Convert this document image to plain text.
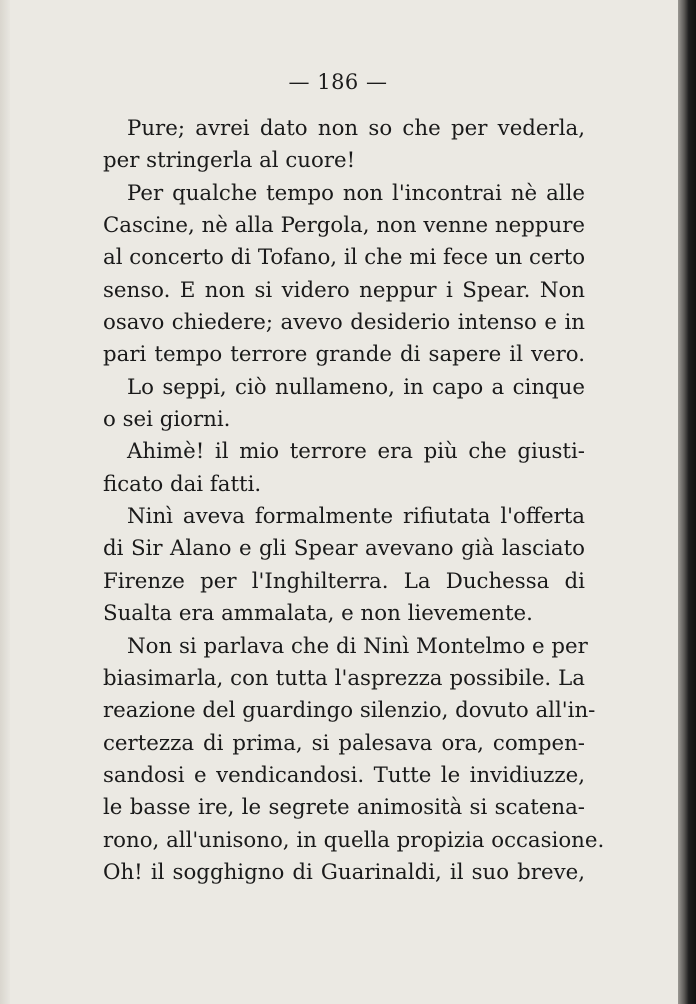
— 186 —
Pure; avrei dato non so che per vederla,
per stringerla al cuore!
Per qualche tempo non l'incontrai nè alle
Cascine, nè alla Pergola, non venne neppure
al concerto di Tofano, il che mi fece un certo
senso. E non si videro neppur i Spear. Non
osavo chiedere; avevo desiderio intenso e in
pari tempo terrore grande di sapere il vero.
Lo seppi, ciò nullameno, in capo a cinque
o sei giorni.
Ahimè! il mio terrore era più che giusti-
ficato dai fatti.
Ninì aveva formalmente rifiutata l'offerta
di Sir Alano e gli Spear avevano già lasciato
Firenze per l'Inghilterra. La Duchessa di
Sualta era ammalata, e non lievemente.
Non si parlava che di Ninì Montelmo e per
biasimarla, con tutta l'asprezza possibile. La
reazione del guardingo silenzio, dovuto all'in-
certezza di prima, si palesava ora, compen-
sandosi e vendicandosi. Tutte le invidiuzze,
le basse ire, le segrete animosità si scatena-
rono, all'unisono, in quella propizia occasione.
Oh! il sogghigno di Guarinaldi, il suo breve,
